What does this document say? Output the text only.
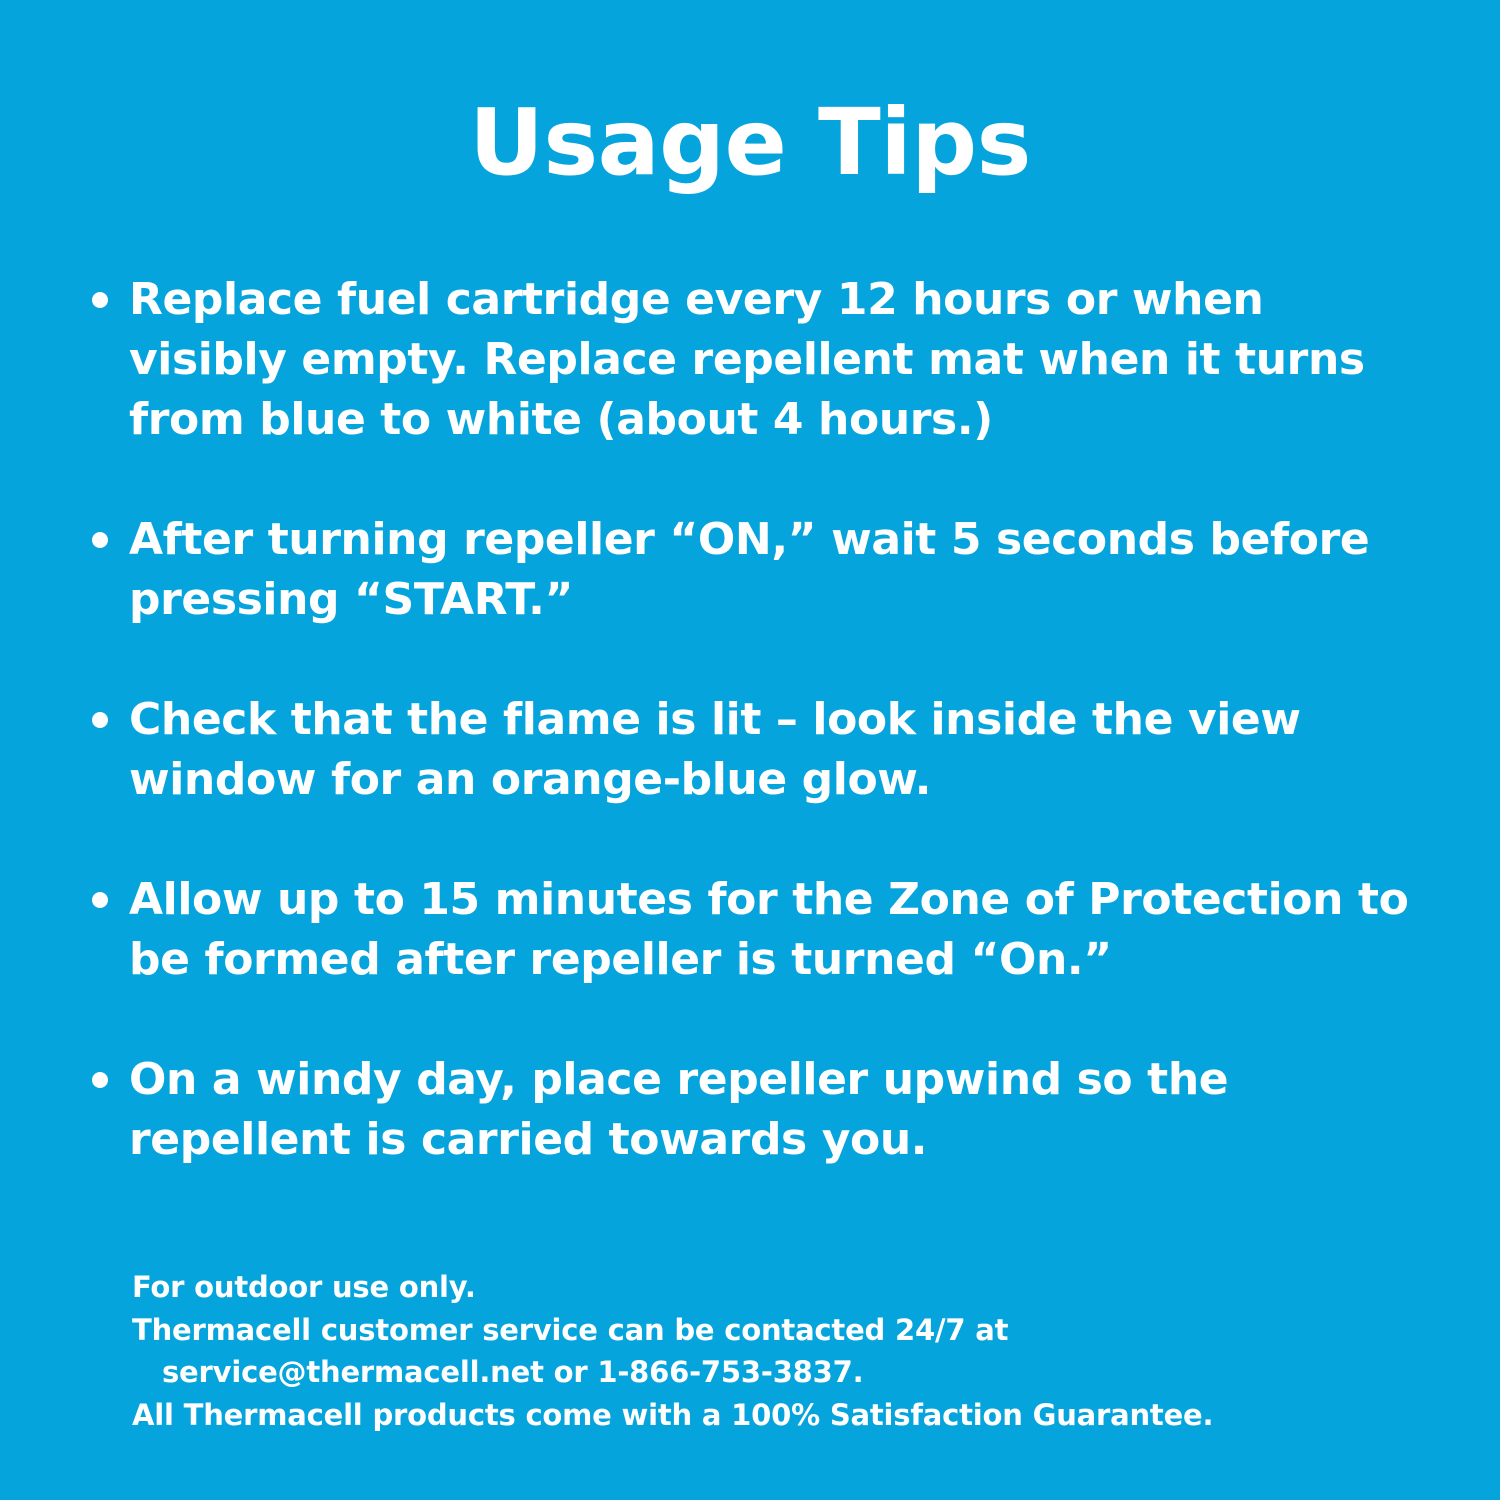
Usage Tips
Replace fuel cartridge every 12 hours or when visibly empty. Replace repellent mat when it turns from blue to white (about 4 hours.)
After turning repeller “ON,” wait 5 seconds before pressing “START.”
Check that the flame is lit – look inside the view window for an orange-blue glow.
Allow up to 15 minutes for the Zone of Protection to be formed after repeller is turned “On.”
On a windy day, place repeller upwind so the repellent is carried towards you.
For outdoor use only.
Thermacell customer service can be contacted 24/7 at
service@thermacell.net or 1-866-753-3837.
All Thermacell products come with a 100% Satisfaction Guarantee.
